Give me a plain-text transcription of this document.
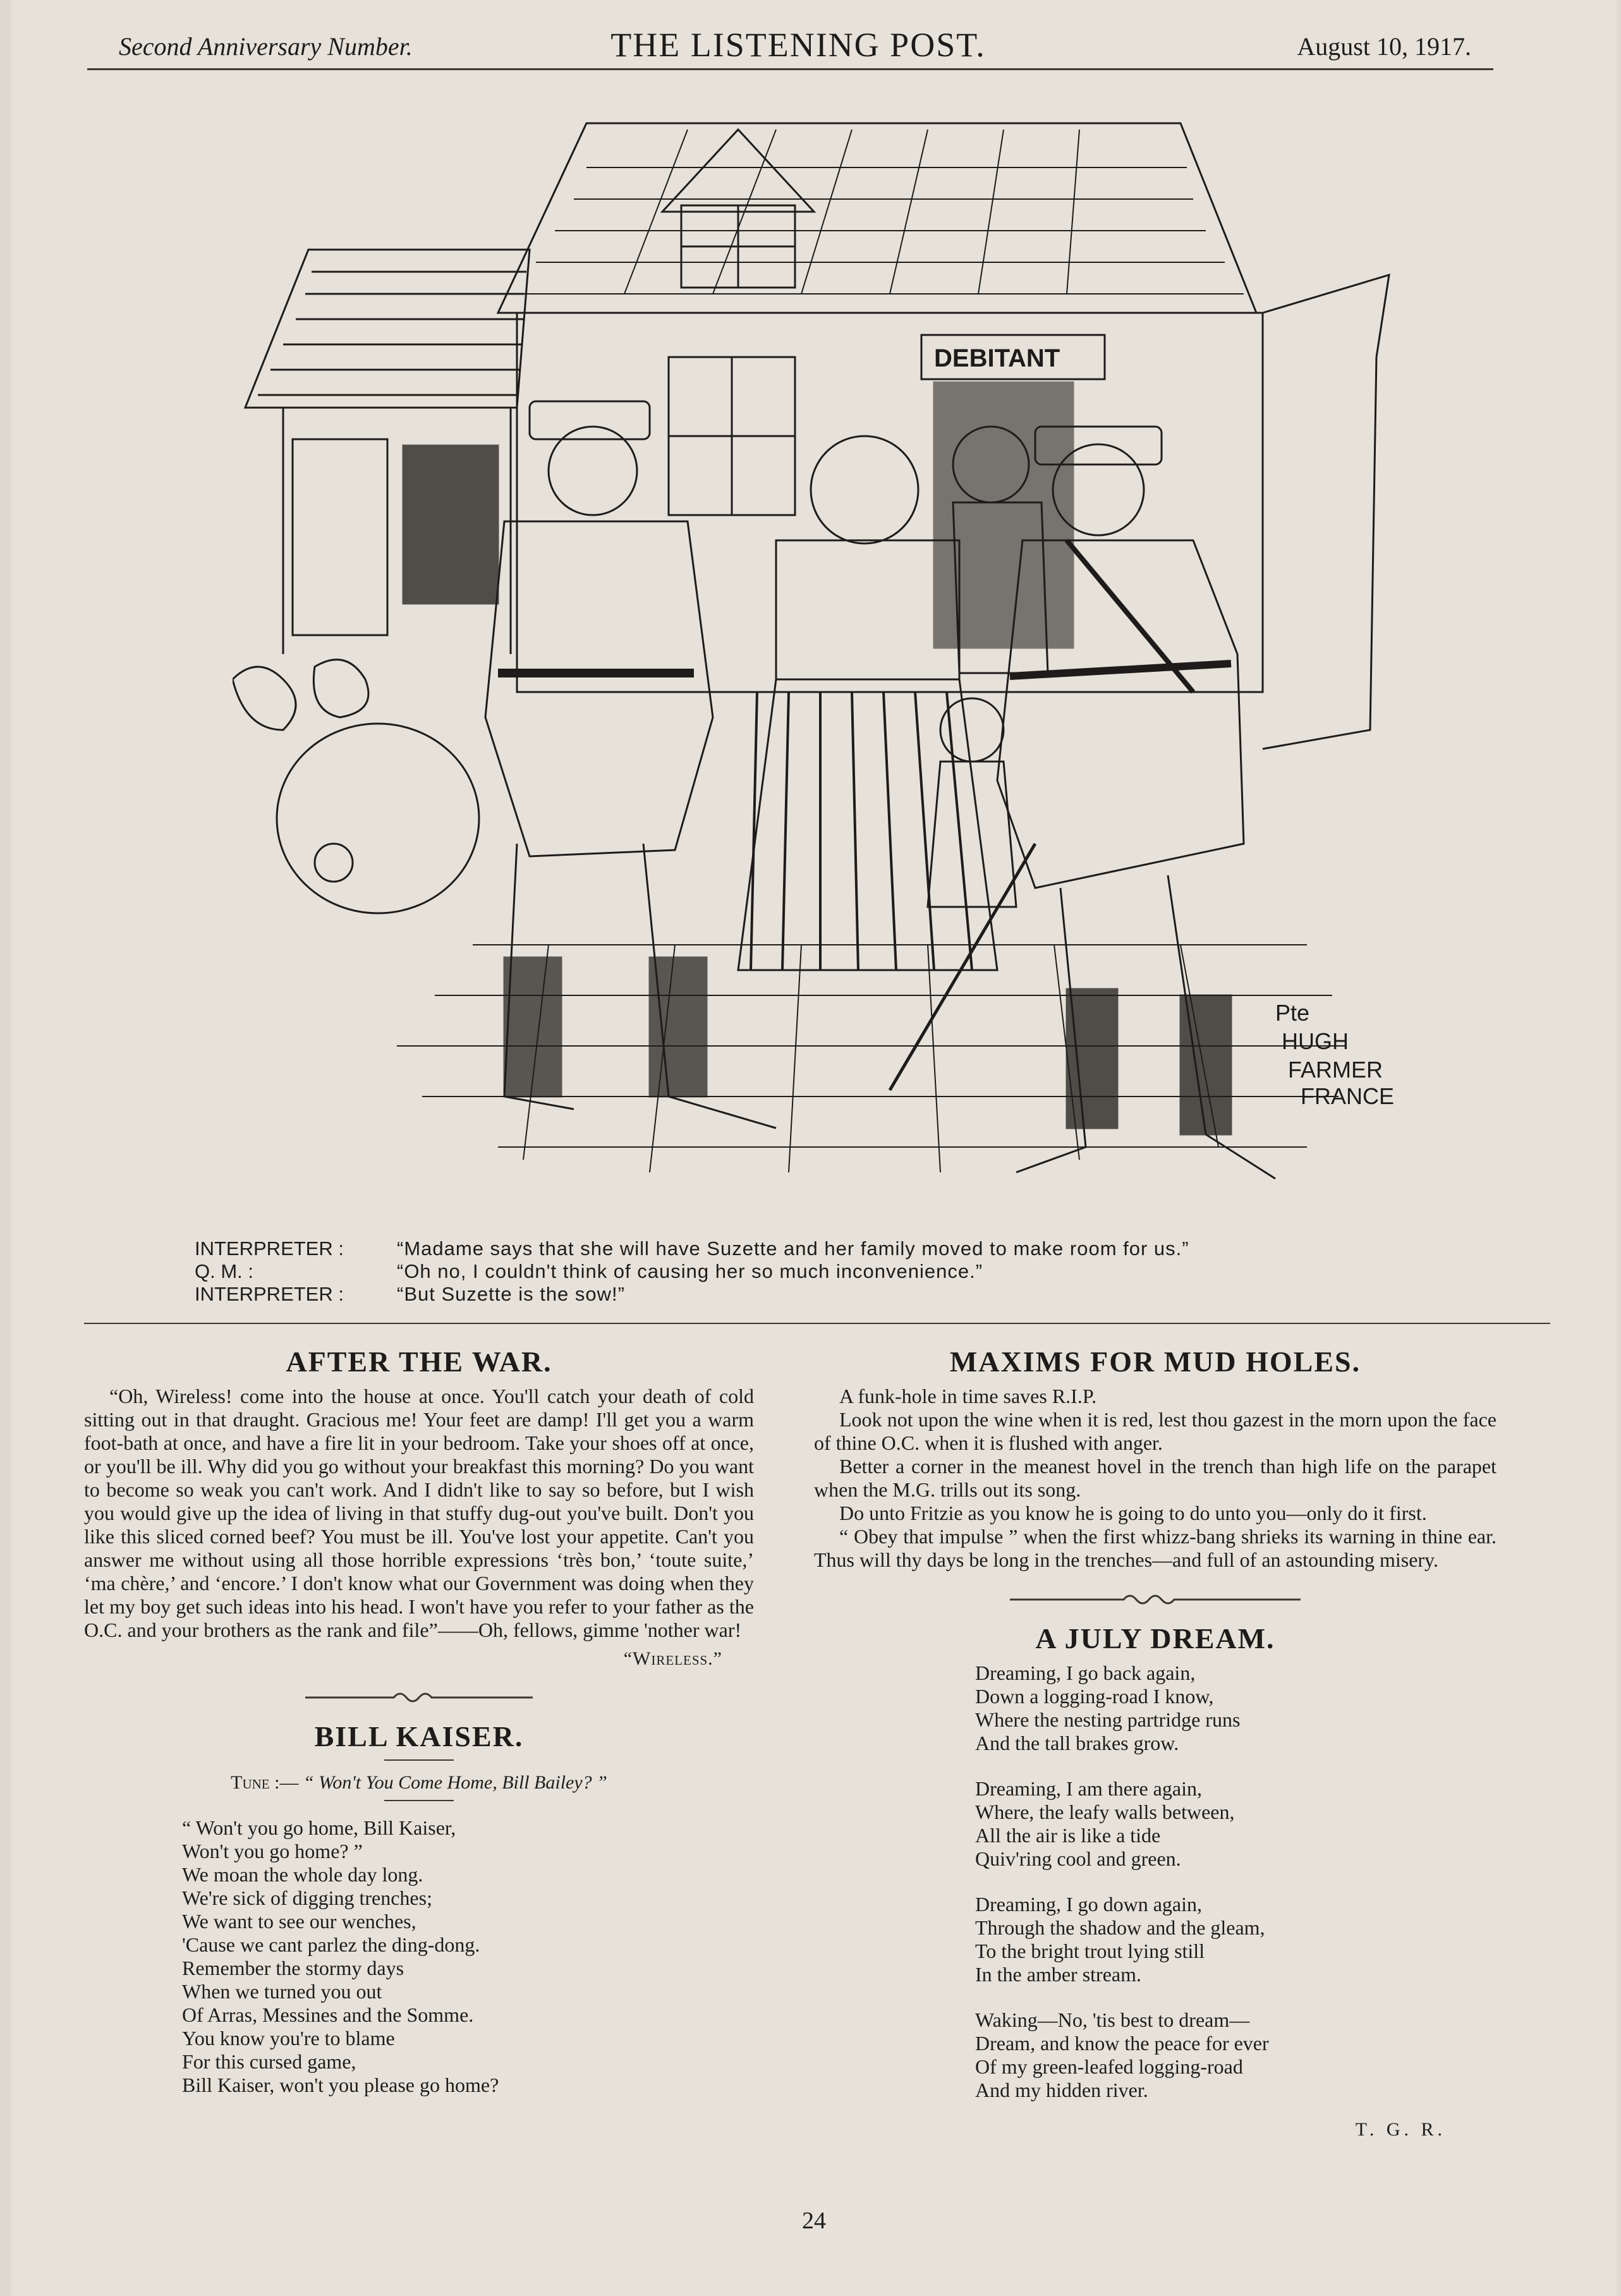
Second Anniversary Number.	THE LISTENING POST.	August 10, 1917.
DEBITANT
Pte
HUGH
FARMER
FRANCE
INTERPRETER :	“Madame says that she will have Suzette and her family moved to make room for us.”
Q. M. :	“Oh no, I couldn't think of causing her so much inconvenience.”
INTERPRETER :	“But Suzette is the sow!”
AFTER THE WAR.

“Oh, Wireless! come into the house at once. You'll catch your death of cold sitting out in that draught. Gracious me! Your feet are damp! I'll get you a warm foot-bath at once, and have a fire lit in your bedroom. Take your shoes off at once, or you'll be ill. Why did you go without your breakfast this morning? Do you want to become so weak you can't work. And I didn't like to say so before, but I wish you would give up the idea of living in that stuffy dug-out you've built. Don't you like this sliced corned beef? You must be ill. You've lost your appetite. Can't you answer me without using all those horrible expressions ‘très bon,’ ‘toute suite,’ ‘ma chère,’ and ‘encore.’ I don't know what our Government was doing when they let my boy get such ideas into his head. I won't have you refer to your father as the O.C. and your brothers as the rank and file”——Oh, fellows, gimme 'nother war!

“Wireless.”
BILL KAISER.
Tune :— “ Won't You Come Home, Bill Bailey? ”
“ Won't you go home, Bill Kaiser,
Won't you go home? ”
We moan the whole day long.
We're sick of digging trenches;
We want to see our wenches,
'Cause we cant parlez the ding-dong.
Remember the stormy days
When we turned you out
Of Arras, Messines and the Somme.
You know you're to blame
For this cursed game,
Bill Kaiser, won't you please go home?
MAXIMS FOR MUD HOLES.

A funk-hole in time saves R.I.P.

Look not upon the wine when it is red, lest thou gazest in the morn upon the face of thine O.C. when it is flushed with anger.

Better a corner in the meanest hovel in the trench than high life on the parapet when the M.G. trills out its song.

Do unto Fritzie as you know he is going to do unto you—only do it first.

“ Obey that impulse ” when the first whizz-bang shrieks its warning in thine ear. Thus will thy days be long in the trenches—and full of an astounding misery.

A JULY DREAM.
Dreaming, I go back again,
Down a logging-road I know,
Where the nesting partridge runs
And the tall brakes grow.
Dreaming, I am there again,
Where, the leafy walls between,
All the air is like a tide
Quiv'ring cool and green.
Dreaming, I go down again,
Through the shadow and the gleam,
To the bright trout lying still
In the amber stream.
Waking—No, 'tis best to dream—
Dream, and know the peace for ever
Of my green-leafed logging-road
And my hidden river.
T. G. R.
24
